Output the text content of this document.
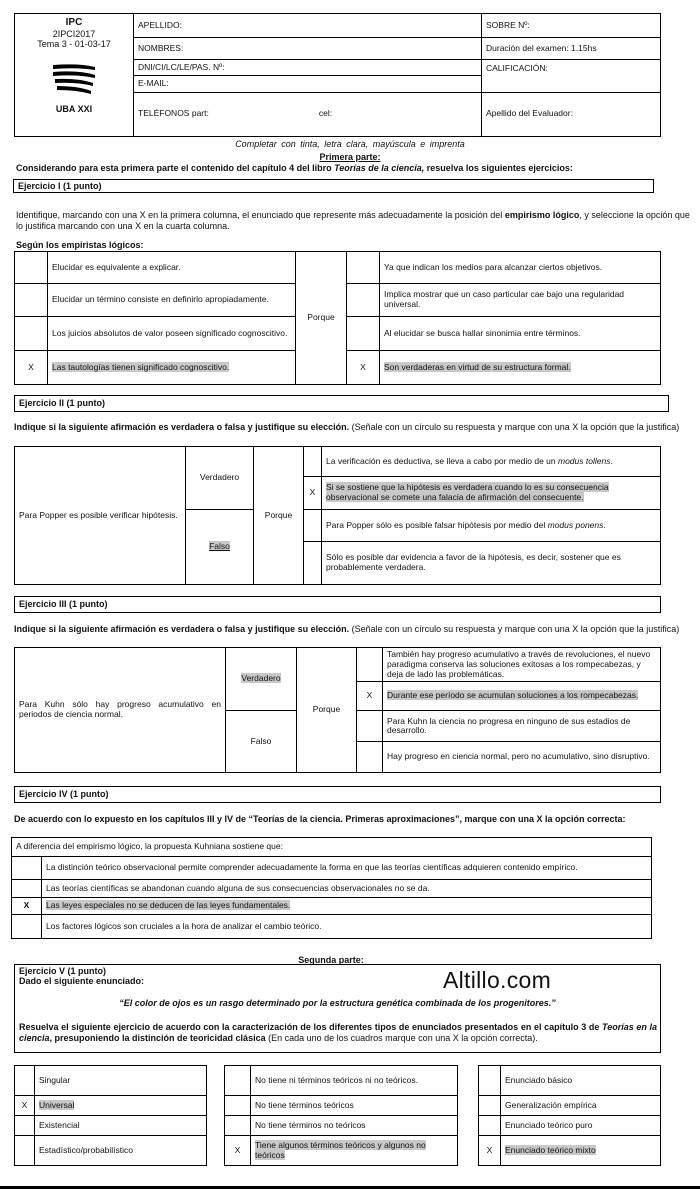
IPC
2IPCI2017
Tema 3 - 01-03-17
UBA XXI	APELLIDO:	SOBRE Nº:
	NOMBRES:	Duración del examen: 1.15hs
	DNI/CI/LC/LE/PAS. Nº:	CALIFICACIÓN:
	E-MAIL:	
	TELÉFONOS part: cel:	Apellido del Evaluador:
Completar con tinta, letra clara, mayúscula e imprenta
Primera parte:
Considerando para esta primera parte el contenido del capítulo 4 del libro Teorías de la ciencia, resuelva los siguientes ejercicios:
Ejercicio I (1 punto)
Identifique, marcando con una X en la primera columna, el enunciado que represente más adecuadamente la posición del empirismo lógico, y seleccione la opción que lo justifica marcando con una X en la cuarta columna.
Según los empiristas lógicos:
	Elucidar es equivalente a explicar.	Porque		Ya que indican los medios para alcanzar ciertos objetivos.
	Elucidar un término consiste en definirlo apropiadamente.			Implica mostrar que un caso particular cae bajo una regularidad universal.
	Los juicios absolutos de valor poseen significado cognoscitivo.			Al elucidar se busca hallar sinonimia entre términos.
X	Las tautologías tienen significado cognoscitivo.		X	Son verdaderas en virtud de su estructura formal.
Ejercicio II (1 punto)
Indique si la siguiente afirmación es verdadera o falsa y justifique su elección. (Señale con un círculo su respuesta y marque con una X la opción que la justifica)
Para Popper es posible verificar hipótesis.	Verdadero	Porque		La verificación es deductiva, se lleva a cabo por medio de un modus tollens.
			X	Si se sostiene que la hipótesis es verdadera cuando lo es su consecuencia observacional se comete una falacia de afirmación del consecuente.
	Falso			Para Popper sólo es posible falsar hipótesis por medio del modus ponens.
				Sólo es posible dar evidencia a favor de la hipótesis, es decir, sostener que es probablemente verdadera.
Ejercicio III (1 punto)
Indique si la siguiente afirmación es verdadera o falsa y justifique su elección. (Señale con un círculo su respuesta y marque con una X la opción que la justifica)
Para Kuhn sólo hay progreso acumulativo en periodos de ciencia normal.	Verdadero	Porque		También hay progreso acumulativo a través de revoluciones, el nuevo paradigma conserva las soluciones exitosas a los rompecabezas, y deja de lado las problemáticas.
			X	Durante ese período se acumulan soluciones a los rompecabezas.
	Falso			Para Kuhn la ciencia no progresa en ninguno de sus estadios de desarrollo.
				Hay progreso en ciencia normal, pero no acumulativo, sino disruptivo.
Ejercicio IV (1 punto)
De acuerdo con lo expuesto en los capítulos III y IV de “Teorías de la ciencia. Primeras aproximaciones”, marque con una X la opción correcta:
A diferencia del empirismo lógico, la propuesta Kuhniana sostiene que:	
	La distinción teórico observacional permite comprender adecuadamente la forma en que las teorías científicas adquieren contenido empírico.
	Las teorías científicas se abandonan cuando alguna de sus consecuencias observacionales no se da.
X	Las leyes especiales no se deducen de las leyes fundamentales.
	Los factores lógicos son cruciales a la hora de analizar el cambio teórico.
Segunda parte:
Ejercicio V (1 punto)
Dado el siguiente enunciado:	Altillo.com
“El color de ojos es un rasgo determinado por la estructura genética combinada de los progenitores.”
Resuelva el siguiente ejercicio de acuerdo con la caracterización de los diferentes tipos de enunciados presentados en el capítulo 3 de Teorías en la ciencia, presuponiendo la distinción de teoricidad clásica (En cada uno de los cuadros marque con una X la opción correcta).
	Singular
X	Universal
	Existencial
	Estadístico/probabilístico
	No tiene ni términos teóricos ni no teóricos.
	No tiene términos teóricos
	No tiene términos no teóricos
X	Tiene algunos términos teóricos y algunos no teóricos
	Enunciado básico
	Generalización empírica
	Enunciado teórico puro
X	Enunciado teórico mixto
